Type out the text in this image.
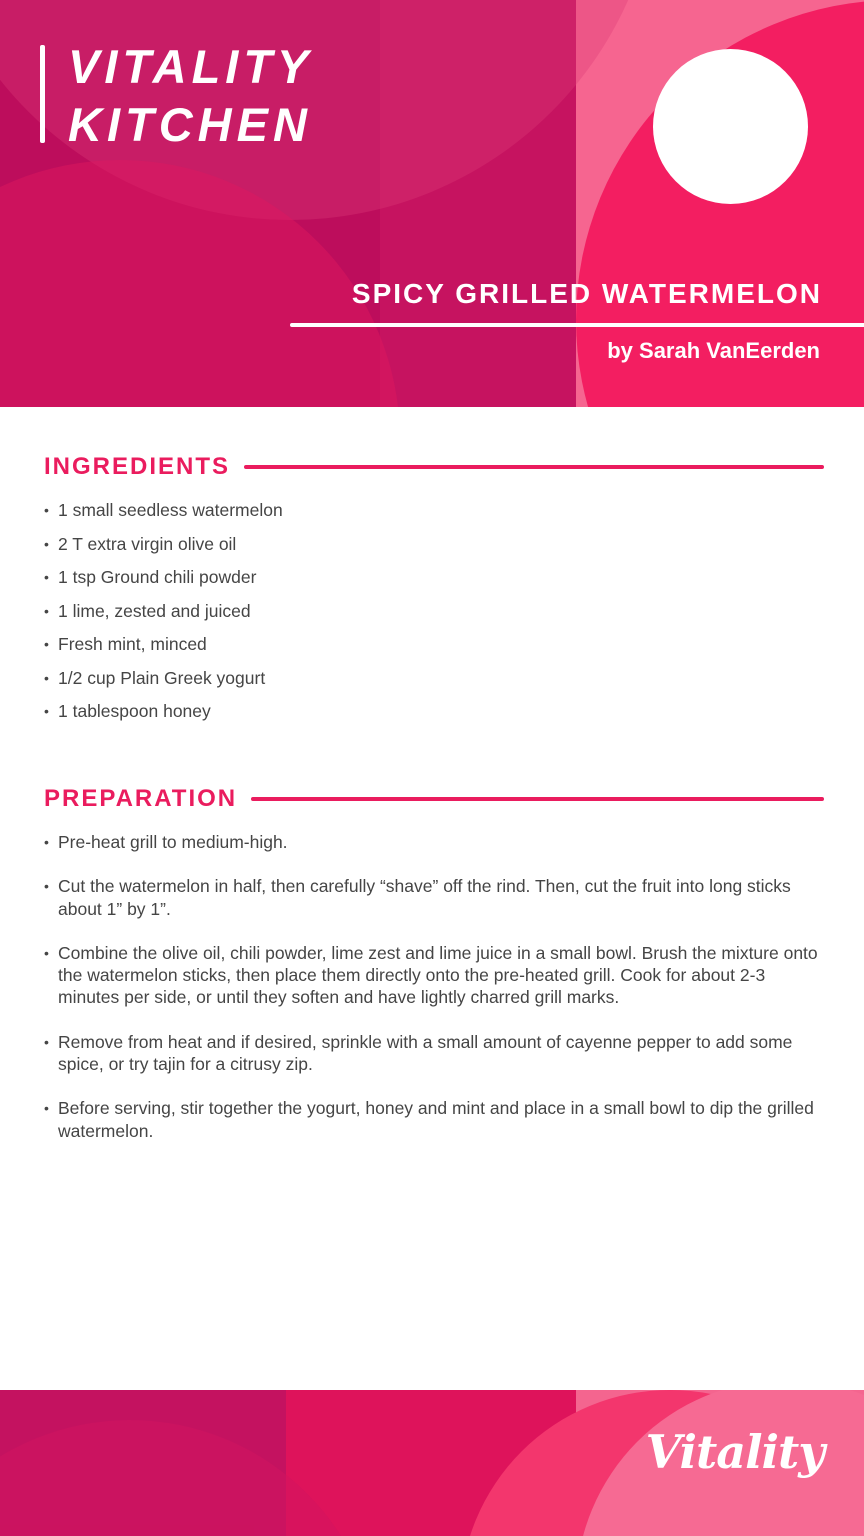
VITALITY
KITCHEN
SPICY GRILLED WATERMELON
by Sarah VanEerden
INGREDIENTS
• 1 small seedless watermelon
• 2 T extra virgin olive oil
• 1 tsp Ground chili powder
• 1 lime, zested and juiced
• Fresh mint, minced
• 1/2 cup Plain Greek yogurt
• 1 tablespoon honey
PREPARATION
• Pre-heat grill to medium-high.
• Cut the watermelon in half, then carefully “shave” off the rind. Then, cut the fruit into long sticks about 1” by 1”.
• Combine the olive oil, chili powder, lime zest and lime juice in a small bowl. Brush the mixture onto the watermelon sticks, then place them directly onto the pre-heated grill. Cook for about 2-3 minutes per side, or until they soften and have lightly charred grill marks.
• Remove from heat and if desired, sprinkle with a small amount of cayenne pepper to add some spice, or try tajin for a citrusy zip.
• Before serving, stir together the yogurt, honey and mint and place in a small bowl to dip the grilled watermelon.
Vitality
